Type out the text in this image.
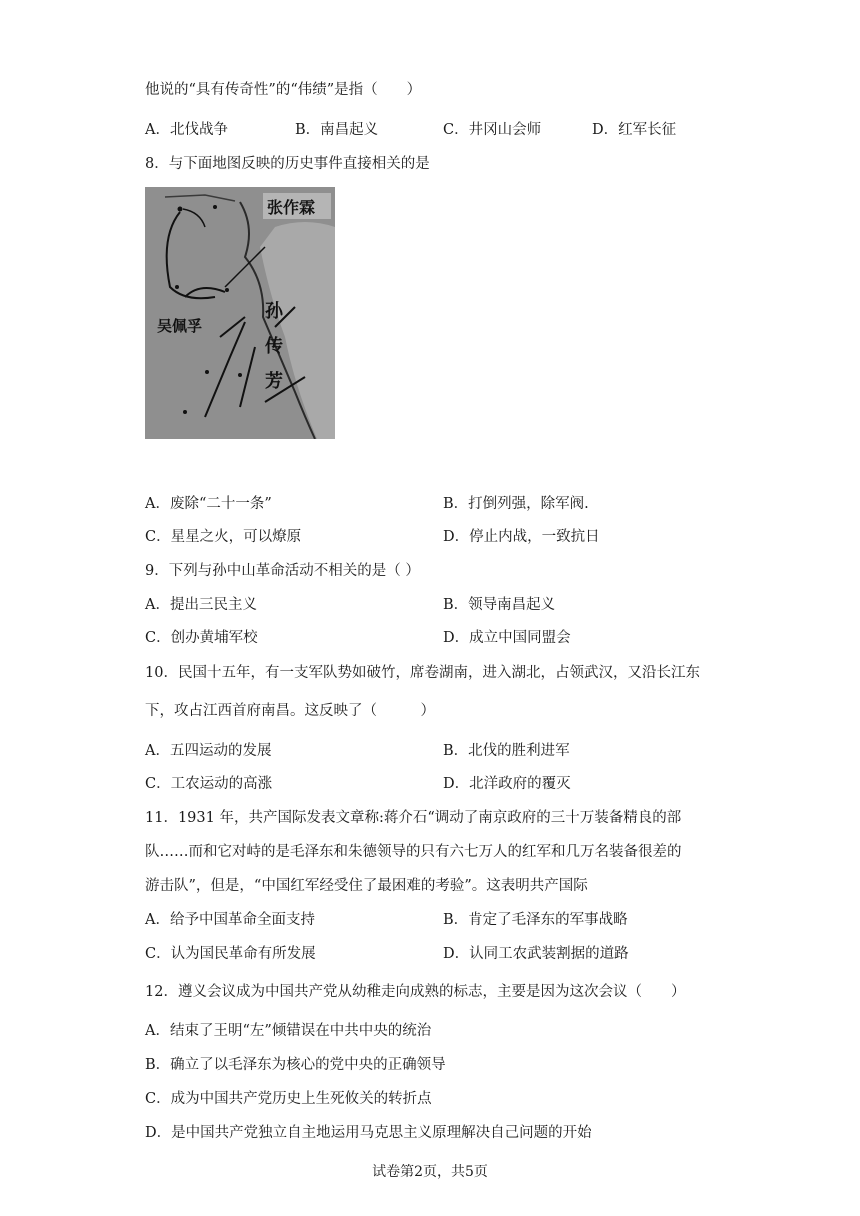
他说的“具有传奇性”的“伟绩”是指（　　）
A．北伐战争	B．南昌起义	C．井冈山会师	D．红军长征
8．与下面地图反映的历史事件直接相关的是
张作霖
吴佩孚
孙
传
芳
A．废除“二十一条”	B．打倒列强，除军阀.
C．星星之火，可以燎原	D．停止内战，一致抗日
9．下列与孙中山革命活动不相关的是（ ）
A．提出三民主义	B．领导南昌起义
C．创办黄埔军校	D．成立中国同盟会
10．民国十五年，有一支军队势如破竹，席卷湖南，进入湖北，占领武汉，又沿长江东
下，攻占江西首府南昌。这反映了（　　　）
A．五四运动的发展	B．北伐的胜利进军
C．工农运动的高涨	D．北洋政府的覆灭
11．1931 年，共产国际发表文章称:蒋介石“调动了南京政府的三十万装备精良的部
队……而和它对峙的是毛泽东和朱德领导的只有六七万人的红军和几万名装备很差的
游击队”，但是，“中国红军经受住了最困难的考验”。这表明共产国际
A．给予中国革命全面支持	B．肯定了毛泽东的军事战略
C．认为国民革命有所发展	D．认同工农武装割据的道路
12．遵义会议成为中国共产党从幼稚走向成熟的标志，主要是因为这次会议（　　）
A．结束了王明“左”倾错误在中共中央的统治
B．确立了以毛泽东为核心的党中央的正确领导
C．成为中国共产党历史上生死攸关的转折点
D．是中国共产党独立自主地运用马克思主义原理解决自己问题的开始
试卷第2页，共5页
